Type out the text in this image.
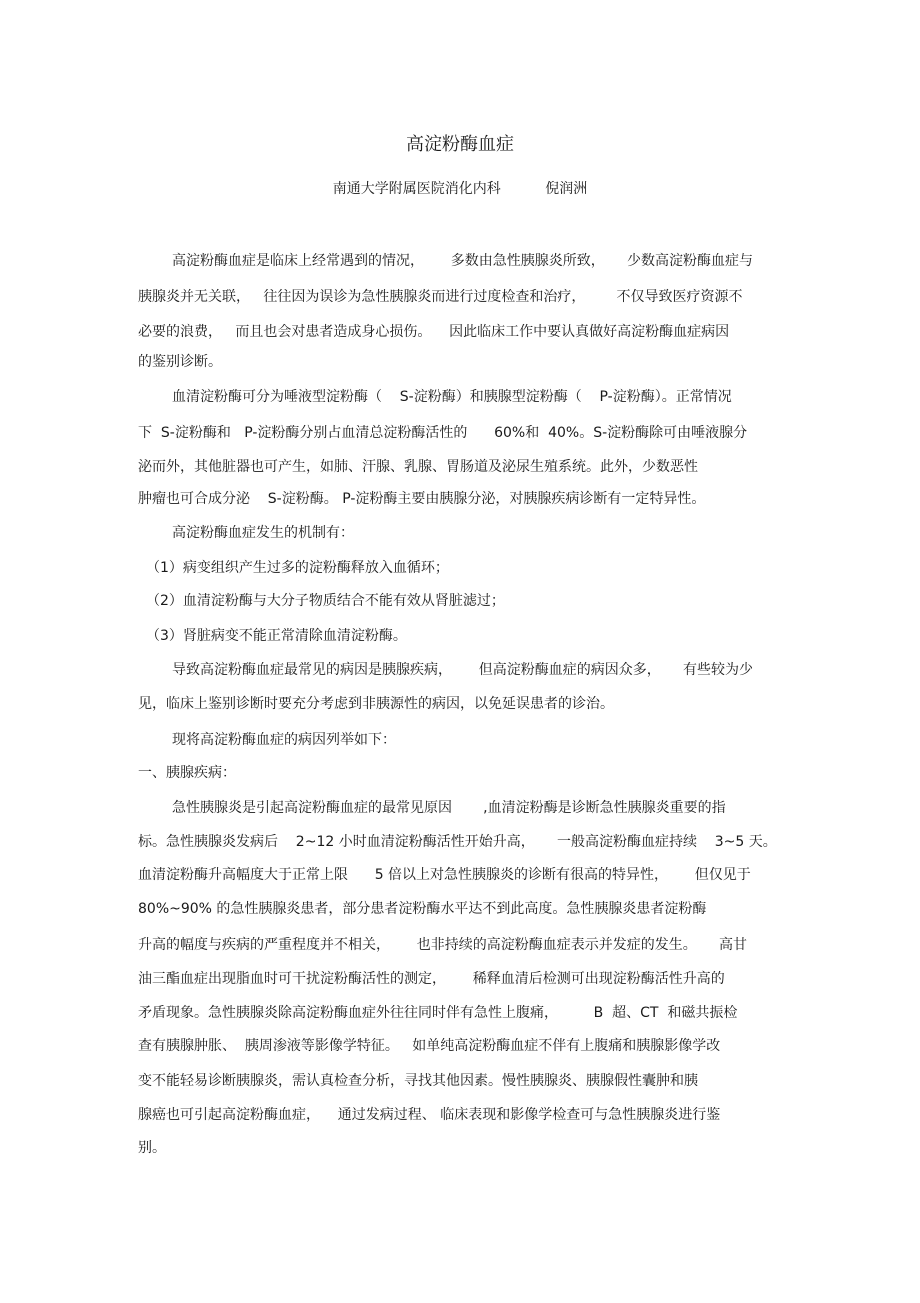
高淀粉酶血症
南通大学附属医院消化内科          倪润洲
高淀粉酶血症是临床上经常遇到的情况，      多数由急性胰腺炎所致，     少数高淀粉酶血症与
胰腺炎并无关联，   往往因为误诊为急性胰腺炎而进行过度检查和治疗，       不仅导致医疗资源不
必要的浪费，   而且也会对患者造成身心损伤。    因此临床工作中要认真做好高淀粉酶血症病因
的鉴别诊断。
血清淀粉酶可分为唾液型淀粉酶（    S-淀粉酶）和胰腺型淀粉酶（    P-淀粉酶）。正常情况
下  S-淀粉酶和   P-淀粉酶分别占血清总淀粉酶活性的      60%和  40%。S-淀粉酶除可由唾液腺分
泌而外，其他脏器也可产生，如肺、汗腺、乳腺、胃肠道及泌尿生殖系统。此外，少数恶性
肿瘤也可合成分泌    S-淀粉酶。 P-淀粉酶主要由胰腺分泌，对胰腺疾病诊断有一定特异性。
高淀粉酶血症发生的机制有：
（1）病变组织产生过多的淀粉酶释放入血循环；
（2）血清淀粉酶与大分子物质结合不能有效从肾脏滤过；
（3）肾脏病变不能正常清除血清淀粉酶。
导致高淀粉酶血症最常见的病因是胰腺疾病，      但高淀粉酶血症的病因众多，     有些较为少
见，临床上鉴别诊断时要充分考虑到非胰源性的病因，以免延误患者的诊治。
现将高淀粉酶血症的病因列举如下：
一、胰腺疾病：
急性胰腺炎是引起高淀粉酶血症的最常见原因       ,血清淀粉酶是诊断急性胰腺炎重要的指
标。急性胰腺炎发病后    2~12 小时血清淀粉酶活性开始升高，     一般高淀粉酶血症持续    3~5 天。
血清淀粉酶升高幅度大于正常上限      5 倍以上对急性胰腺炎的诊断有很高的特异性，      但仅见于
80%~90% 的急性胰腺炎患者，部分患者淀粉酶水平达不到此高度。急性胰腺炎患者淀粉酶
升高的幅度与疾病的严重程度并不相关，      也非持续的高淀粉酶血症表示并发症的发生。     高甘
油三酯血症出现脂血时可干扰淀粉酶活性的测定，      稀释血清后检测可出现淀粉酶活性升高的
矛盾现象。急性胰腺炎除高淀粉酶血症外往往同时伴有急性上腹痛，        B  超、CT  和磁共振检
查有胰腺肿胀、  胰周渗液等影像学特征。   如单纯高淀粉酶血症不伴有上腹痛和胰腺影像学改
变不能轻易诊断胰腺炎，需认真检查分析，寻找其他因素。慢性胰腺炎、胰腺假性囊肿和胰
腺癌也可引起高淀粉酶血症，    通过发病过程、 临床表现和影像学检查可与急性胰腺炎进行鉴
别。
